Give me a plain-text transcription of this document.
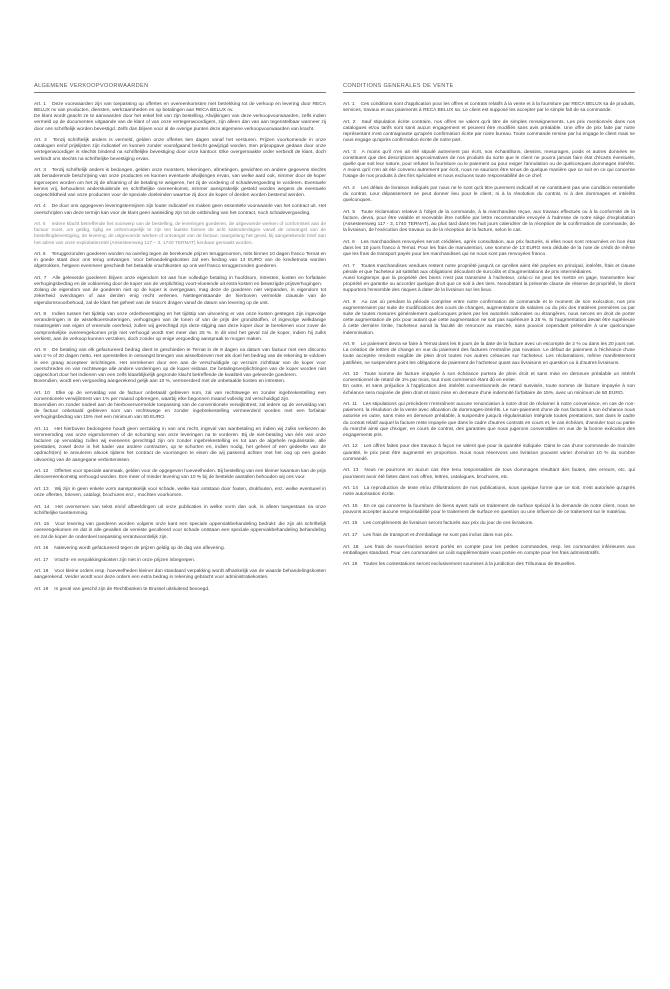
ALGEMENE VERKOOPVOORWAARDEN

Art. 1 Deze voorwaarden zijn van toepassing op offertes en overeenkomsten met betrekking tot de verkoop en levering door RECA BELUX nv van producten, diensten, werkzaamheden en op betalingen aan RECA BELUX nv.
De klant wordt geacht ze te aanvaarden door het enkel feit van zijn bestelling. Afwijkingen van deze verkoopvoorwaarden, zelfs indien vermeld op de documenten uitgaande van de klant of van onze vertegenwoordigers, zijn alleen dan van aan tegenstelbaar wanneer zij door ons schriftelijk worden bevestigd. Zelfs dan blijven voor al de overige punten deze algemene verkoopvoorwaarden van kracht.

Art. 2 Tenzij schriftelijk anders is vermeld, gelden onze offertes tien dagen vanaf het versturen. Prijzen voorkomende in onze catalogen en/of prijslijsten zijn indicatief en kunnen zonder voorafgaand bericht gewijzigd worden. Een prijsopgave gedaan door onze vertegenwoordiger is slechts bindend na schriftelijke bevestiging door onze kantoor. Elke overgemaakte order verbindt de klant, doch verbindt ons slechts na schriftelijke bevestiging ervan.

Art. 3 Tenzij schriftelijk anders is bedongen, gelden onze monsters, tekeningen, afmetingen, gewichten en andere gegevens slechts als benaderende beschrijving van onze producten en kunnen eventuele afwijkingen ervan, van welke aard ook, nimmer door de koper ingeroepen worden om het zij de afnaming of de betaling te weigeren, het zij de vordering of schadevergoeding te vorderen. Eventuele kennis vrij, behoudens andersluidende en schriftelijke overeenkomst, nimmer aansprakelijk gesteld worden wegens de eventuele ongeschiktheid van onze producten voor de speciale doeleinden waartoe zij door de koper of derden worden bestemd werden.

Art. 4 De door ons opgegeven leveringstermijnen zijn louter indicatief en maken geen essentiële voorwaarde van het contract uit. Het overschrijden van deze termijn kan voor de klant geen aanleiding zijn tot de ontbinding van het contract, noch schadevergoeding.

Art. 5 Iedere klacht betreffende het voorwerp van de bestelling, de leveringen goederen, de uitgevoerde werken of conformiteit aan de factuur moet, om geldig, tijdig en onherroepelijk te zijn ten laatste binnen de acht kalenderdagen vanaf de ontvangst van de bestellingbevestiging, de levering, de uitgevoerde werken of ontvangst van de factuur, naargelang het geval, bij aangetekende brief aan het adres van onze exploitatiezetel (Assesteenweg 117 – 3, 1740 TERNAT) kenbaar gemaakt worden.

Art. 6 Teruggezonden goederen worden na overleg tegen de berekende prijzen teruggenomen, mits binnen 10 dagen franco Ternat en in goede staat door ons terug ontvangen. Voor behandelingskosten zal een bedrag van 13 EURO van de kredietnota worden afgetrokken, hetgeen evenmeer geschiedt het betaalde vrachtkosten op ons wel franco teruggezonden goederen.

Art. 7 Alle geleverde goederen blijven onze eigendom tot aan hun volledige betaling in hoofdsom, intresten, kosten en forfaitaire verhogingsbedrag en de voldoening door de koper van de verplichting voort-vloeiende uit extra kosten en bewezigde prijsverhogingen.
Zolang de eigendom van de goederen niet op de koper is overgegaan, mag deze de goederen niet verpanden, in eigendom tot zekerheid overdragen of aan derden enig recht verlenen. Niettegenstaande de hierboven vermelde clausule van de eigendomsvoorbehoud, zal de klant het geheel van de risico's dragen vanaf de datum van levering op de unit.

Art. 8 Indien tussen het tijdstip van onze orderbevestiging en het tijdstip van uitvoering er van onze kosten gestegen zijn ingevolge veranderingen in de wisselkoersnoteringen, verhogingen van de lonen of van de prijs der grondstoffen, of ingevolge welkdanige maatregelen van eigen of vreemde overheid, zullen wij gerechtigd zijn deze stijging aan deze koper door te berekenen voor zover de oorspronkelijke overeengekomen prijs niet verhoogd wordt met meer dan 25 %. In dit vind het geval zal de koper, indien hij zulks verkiest, aan de verkoop kunnen verzaken, doch zonder op enige vergoeding aanspraak te mogen maken.

Art. 9 De betaling van elk gefactureerd bedrag dient te geschieden te Ternat in de 8 dagen na datum van factuur met een disconto van 2 % of 20 dagen netto. Het openstellen in ontvangst brengen van wisselbrieven met als doel het bedrag van de rekening te voldoen is een graag accepteer inrichtingen. Het verrekenen door een aan de verschuldigde op verzuim zichtbaar van de koper voor overschreden en van rechtswege alle andere vorderingen op de koper eisbaar. De betalingsverplichtingen van de koper worden niet opgeschort door het indienen van een zelfs klaarblijkelijk gegronde klacht betreffende de kwaliteit van geleverde goederen.
Bovendien, wordt een vergoeding aangerekend gelijk aan 10 %, vermeerderd met de onbetaalde kosten en intresten.

Art. 10 Elke op de vervaldag van de factuur onbetaald gebleven som, zal van rechtswege en zonder ingebrekestelling een conventionele verwijlintrest van 1% per maand opbrengen, waarbij elke begonnen maand volledig zal verschuldigd zijn.
Bovendien en zonder nadeel aan de hierbovenvermelde toepassing van de conventionele verwijlintrest, zal iedere op de vervaldag van de factuur onbetaald gebleven som van rechtswege en zonder ingebrekestelling vermeerderd worden met een forfaitair verhogingsbedrag van 15% met een minimum van 50 EURO.

Art. 11 Het hierboven bedongene houdt geen verzaking in van ons recht, ingeval van wanbetaling en indien wij zulks verkiezen de vervreemding van onze eigendommen of de schorsing van onze leveringen na te vorderen. Bij de niet-betaling van één van onze facturen op vervaldag zullen wij eveneens gerechtigd zijn om zonder ingebrekestelling en tot aan de algehele regularisatie, alle prestaties, zowel deze in het kader van andere contracten, op te schorten en, indien nodig, het geheel of een gedeelte van de opdracht(en) te annuleren alsook tijdens het contract de voorrangen te eisen die wij passend achten met het oog op een goede uitvoering van de aangegane verbintenissen.

Art. 12 Offertes voor speciale aanmaak, gelden voor de opgegeven hoeveelheden. Bij bestelling van een kleiner kwantum kan de prijs dienovereenkomstig verhoogd worden. Een meer of minder levering van 10 % bij de bestelde aantallen behouden wij ons voor.

Art. 13 Wij zijn in geen enkele vorm aansprakelijk voor schade, welke kan ontstaan door fouten, drukfouten, enz. welke eventueel in onze offerten, brieven, catalogi, brochures enz., mochten voorkomen.

Art. 14 Het overnemen van tekst en/of afbeeldingen uit onze publicaties in welke vorm dan ook, is alleen toegestaan na onze schriftelijke toestemming.

Art. 15 Voor levering van goederen worden volgens onze kant een speciale opperviakbehandeling bedrukt: die zijn als schriftelijk overeengekomen en dat in alle gevallen de vereiste gecolleerd voor schade ontstaan een speciale opperviakbehandeling behandeling en zal de koper de onderdeel toepassing verantwoordelijk zijn.

Art. 16 Nalevering wordt gefactureerd tegen de prijzen geldig op de dag van aflevering.

Art. 17 Vracht- en verpakkingskosten zijn niet in onze prijzen inbegrepen.

Art. 18 Voor kleine orders resp. hoeveelheden kleiner dan standaard verpakking wordt afhankelijk van de waarde behandelingskosten aangerekend. Verder wordt voor deze orders een extra bedrag in rekening gebracht voor administratiekosten.

Art. 19 In geval van geschil zijn de Rechtbanken te Brussel uitsluitend bevoegd.

CONDITIONS GENERALES DE VENTE

Art. 1 Ces conditions sont d'application pour les offres et contrats relatifs à la vente et à la fourniture par RECA BELUX sa de produits, services, travaux et aux paiements à RECA BELUX sa. Le client est supposé les accepter par le simple fait de sa commande.

Art. 2 Sauf stipulation écrite contraire, nos offres ne valent qu'à titre de simples renseignements. Les prix mentionnés dans nos catalogues et/ou tarifs sont sans aucun engagement et peuvent être modifiés sans avis préalable. Une offre de prix faite par notre représentant n'est contraignante qu'après confirmation écrite par notre bureau. Toute commande remise par lui engage le client mais ne nous engage qu'après confirmation écrite de notre part.

Art. 3 A moins qu'il n'en ait été stipulé autrement par écrit, nos échantillons, dessins, mesurages, poids et autres données ne constituent que des descriptions approximatives de nos produits du sorte que le client ne pourra jamais faire état d'écarts éventuels, quelle que soit leur nature, pour refuser la fourniture ou le paiement ou pour exiger l'annulation ou de quelconques dommages intérêts. A moins qu'il n'en ait été convenu autrement par écrit, nous ne saurions être tenus de quelque manière que ce soit en ce qui concerne l'usage de nos produits à des fins spéciales et nous excluons toute responsabilité de ce chef.

Art. 4 Les délais de livraison indiqués par nous ne le sont qu'à titre purement indicatif et ne constituent pas une condition essentielle du contrat. Leur dépassement ne peut donner lieu pour le client, ni à la résolution du contrat, ni à des dommages et intérêts quelconques.

Art. 5 Toute réclamation relative à l'objet de la commande, à la marchandise reçue, aux travaux effectués ou à la conformité de la facture, devra, pour être valable et recevable être notifiée par lettre recommandée envoyée à l'adresse de notre siège d'exploitation (Assesteenweg 117 - 3, 1740 TERNAT), au plus tard dans les huit jours calendrier de la réception de la confirmation de commande, de la livraison, de l'exécution des travaux ou de la réception de la facture, selon le cas.

Art. 6 Les marchandises renvoyées seront créditées, après consultation, aux prix facturés, si elles nous sont retournées en bon état dans les 10 jours franco à Ternat. Pour les frais de manutention, une somme de 13 EURO sera déduite de la note de crédit de même que les frais de transport payés pour les marchandises qui ne nous sont pas renvoyées franco.

Art. 7 Toutes marchandises vendues restent notre propriété jusqu'à ce qu'elles aient été payées en principal, intérêts, frais et clause pénale et que l'acheteur ait satisfait aux obligations découlant de surcoûts et d'augmentations de prix intermédiaires.
Aussi longtemps que la propriété des biens n'est pas transmise à l'acheteur, celui-ci ne peut les mettre en gage, transmettre leur propriété en garantie ou accorder quelque droit que ce soit à des tiers. Nonobstant la présente clause de réserve de propriété, le client supportera l'ensemble des risques à dater de la livraison sur les lieux.

Art. 8 Au cas où pendant la période comprise entre notre confirmation de commande et le moment de son exécution, nos prix augmenteraient par suite de modifications des cours de changes, augmentations de salaires ou du prix des matières premières ou par suite de toutes mesures généralement quelconques prises par les autorités nationales ou étrangères, nous serons en droit de porter cette augmentation de prix pour autant que cette augmentation ne soit pas supérieure à 25 %. Si l'augmentation devait être supérieure à cette dernière limite, l'acheteur aurait la faculté de renoncer au marché, sans pouvoir cependant prétendre à une quelconque indemnisation.

Art. 9 Le paiement devra se faire à Ternat dans les 8 jours de la date de la facture avec un escompte de 2 % ou dans les 20 jours net. La création de lettres de change en vue du paiement des factures n'entraîne pas novation. Le défaut de paiement à l'échéance d'une toute acceptée rendent exigible de plein droit toutes nos autres créances sur l'acheteur. Les réclamations, même manifestement justifiées, ne suspendent point les obligations de paiement de l'acheteur quant aux livraisons en question ou à d'autres livraisons.

Art. 10 Toute somme de facture impayée à son échéance portera de plein droit et sans mise en demeure préalable un intérêt conventionnel de retard de 1% par mois, tout mois commencé étant dû en entier.
En outre, et sans préjudice à l'application des intérêts conventionnels de retard susvisés, toute somme de facture impayée à son échéance sera majorée de plein droit et sans mise en demeure d'une indemnité forfaitaire de 15%, avec un minimum de 50 EURO.

Art. 11 Les stipulations qui précèdent n'entraînent aucune renonciation à notre droit de réclamer à notre convenance, en cas de non-paiement, la résolution de la vente avec allocation de dommages-intérêts. Le non-paiement d'une de nos factures à son échéance nous autorise en outre, sans mise en demeure préalable, à suspendre jusqu'à régularisation intégrale toutes prestations, tant dans le cadre du contrat relatif auquel la facture reste impayée que dans le cadre d'autres contrats en cours et, le cas échéant, d'annuler tout ou partie du marché ainsi que d'exiger, en cours de contrat, des garanties que nous jugerons convenables en vue de la bonne exécution des engagements pris.

Art. 12 Les offres faites pour des travaux à façon ne valent que pour la quantité indiquée. Dans le cas d'une commande de moindre quantité, le prix peut être augmenté en proportion. Nous nous réservons une livraison pouvant varier d'environ 10 % du nombre commandé.

Art. 13 Nous ne pourrons en aucun cas être tenu responsables de tous dommages résultant des fautes, des erreurs, etc. qui pourraient avoir été faites dans nos offres, lettres, catalogues, brochures, etc.

Art. 14 La reproduction de texte et/ou d'illustrations de nos publications, sous quelque forme que ce soit, n'est autorisée qu'après notre autorisation écrite.

Art. 15 En ce qui concerne la fourniture de biens ayant subi un traitement de surface spécial à la demande de notre client, nous ne pouvons accepter aucune responsabilité pour le traitement de surface en question ou une influence de ce traitement sur le matériau.

Art. 16 Les compléments de livraison seront facturés aux prix du jour de ces livraisons.

Art. 17 Les frais de transport et d'emballage ne sont pas inclus dans nos prix.

Art. 18 Les frais de sous-fraction seront portés en compte pour les petites commandes, resp. les commandes inférieures aux emballages standard. Pour ces commandes un coût supplémentaire vous portée en compte pour les frais administratifs.

Art. 19 Toutes les contestations seront exclusivement soumises à la juridiction des Tribunaux de Bruxelles.
